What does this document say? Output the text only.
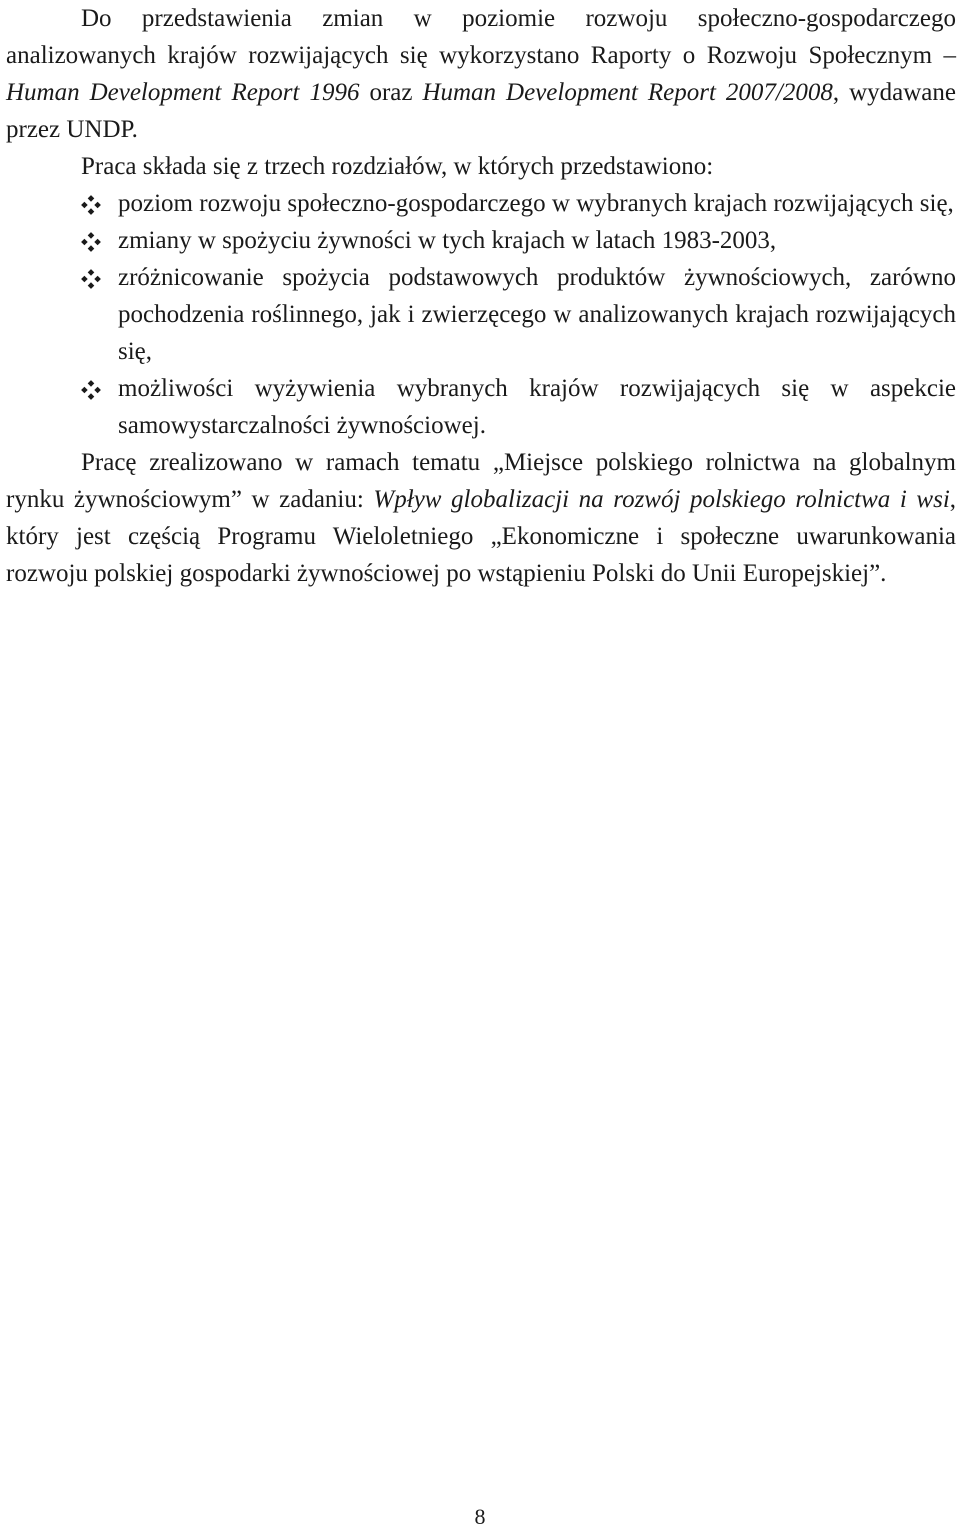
Do przedstawienia zmian w poziomie rozwoju społeczno-gospodarczego analizowanych krajów rozwijających się wykorzystano Raporty o Rozwoju Społecznym – Human Development Report 1996 oraz Human Development Report 2007/2008, wydawane przez UNDP.

Praca składa się z trzech rozdziałów, w których przedstawiono:

poziom rozwoju społeczno-gospodarczego w wybranych krajach rozwijających się,
zmiany w spożyciu żywności w tych krajach w latach 1983-2003,
zróżnicowanie spożycia podstawowych produktów żywnościowych, zarówno pochodzenia roślinnego, jak i zwierzęcego w analizowanych krajach rozwijających się,
możliwości wyżywienia wybranych krajów rozwijających się w aspekcie samowystarczalności żywnościowej.

Pracę zrealizowano w ramach tematu „Miejsce polskiego rolnictwa na globalnym rynku żywnościowym” w zadaniu: Wpływ globalizacji na rozwój polskiego rolnictwa i wsi, który jest częścią Programu Wieloletniego „Ekonomiczne i społeczne uwarunkowania rozwoju polskiej gospodarki żywnościowej po wstąpieniu Polski do Unii Europejskiej”.

8
